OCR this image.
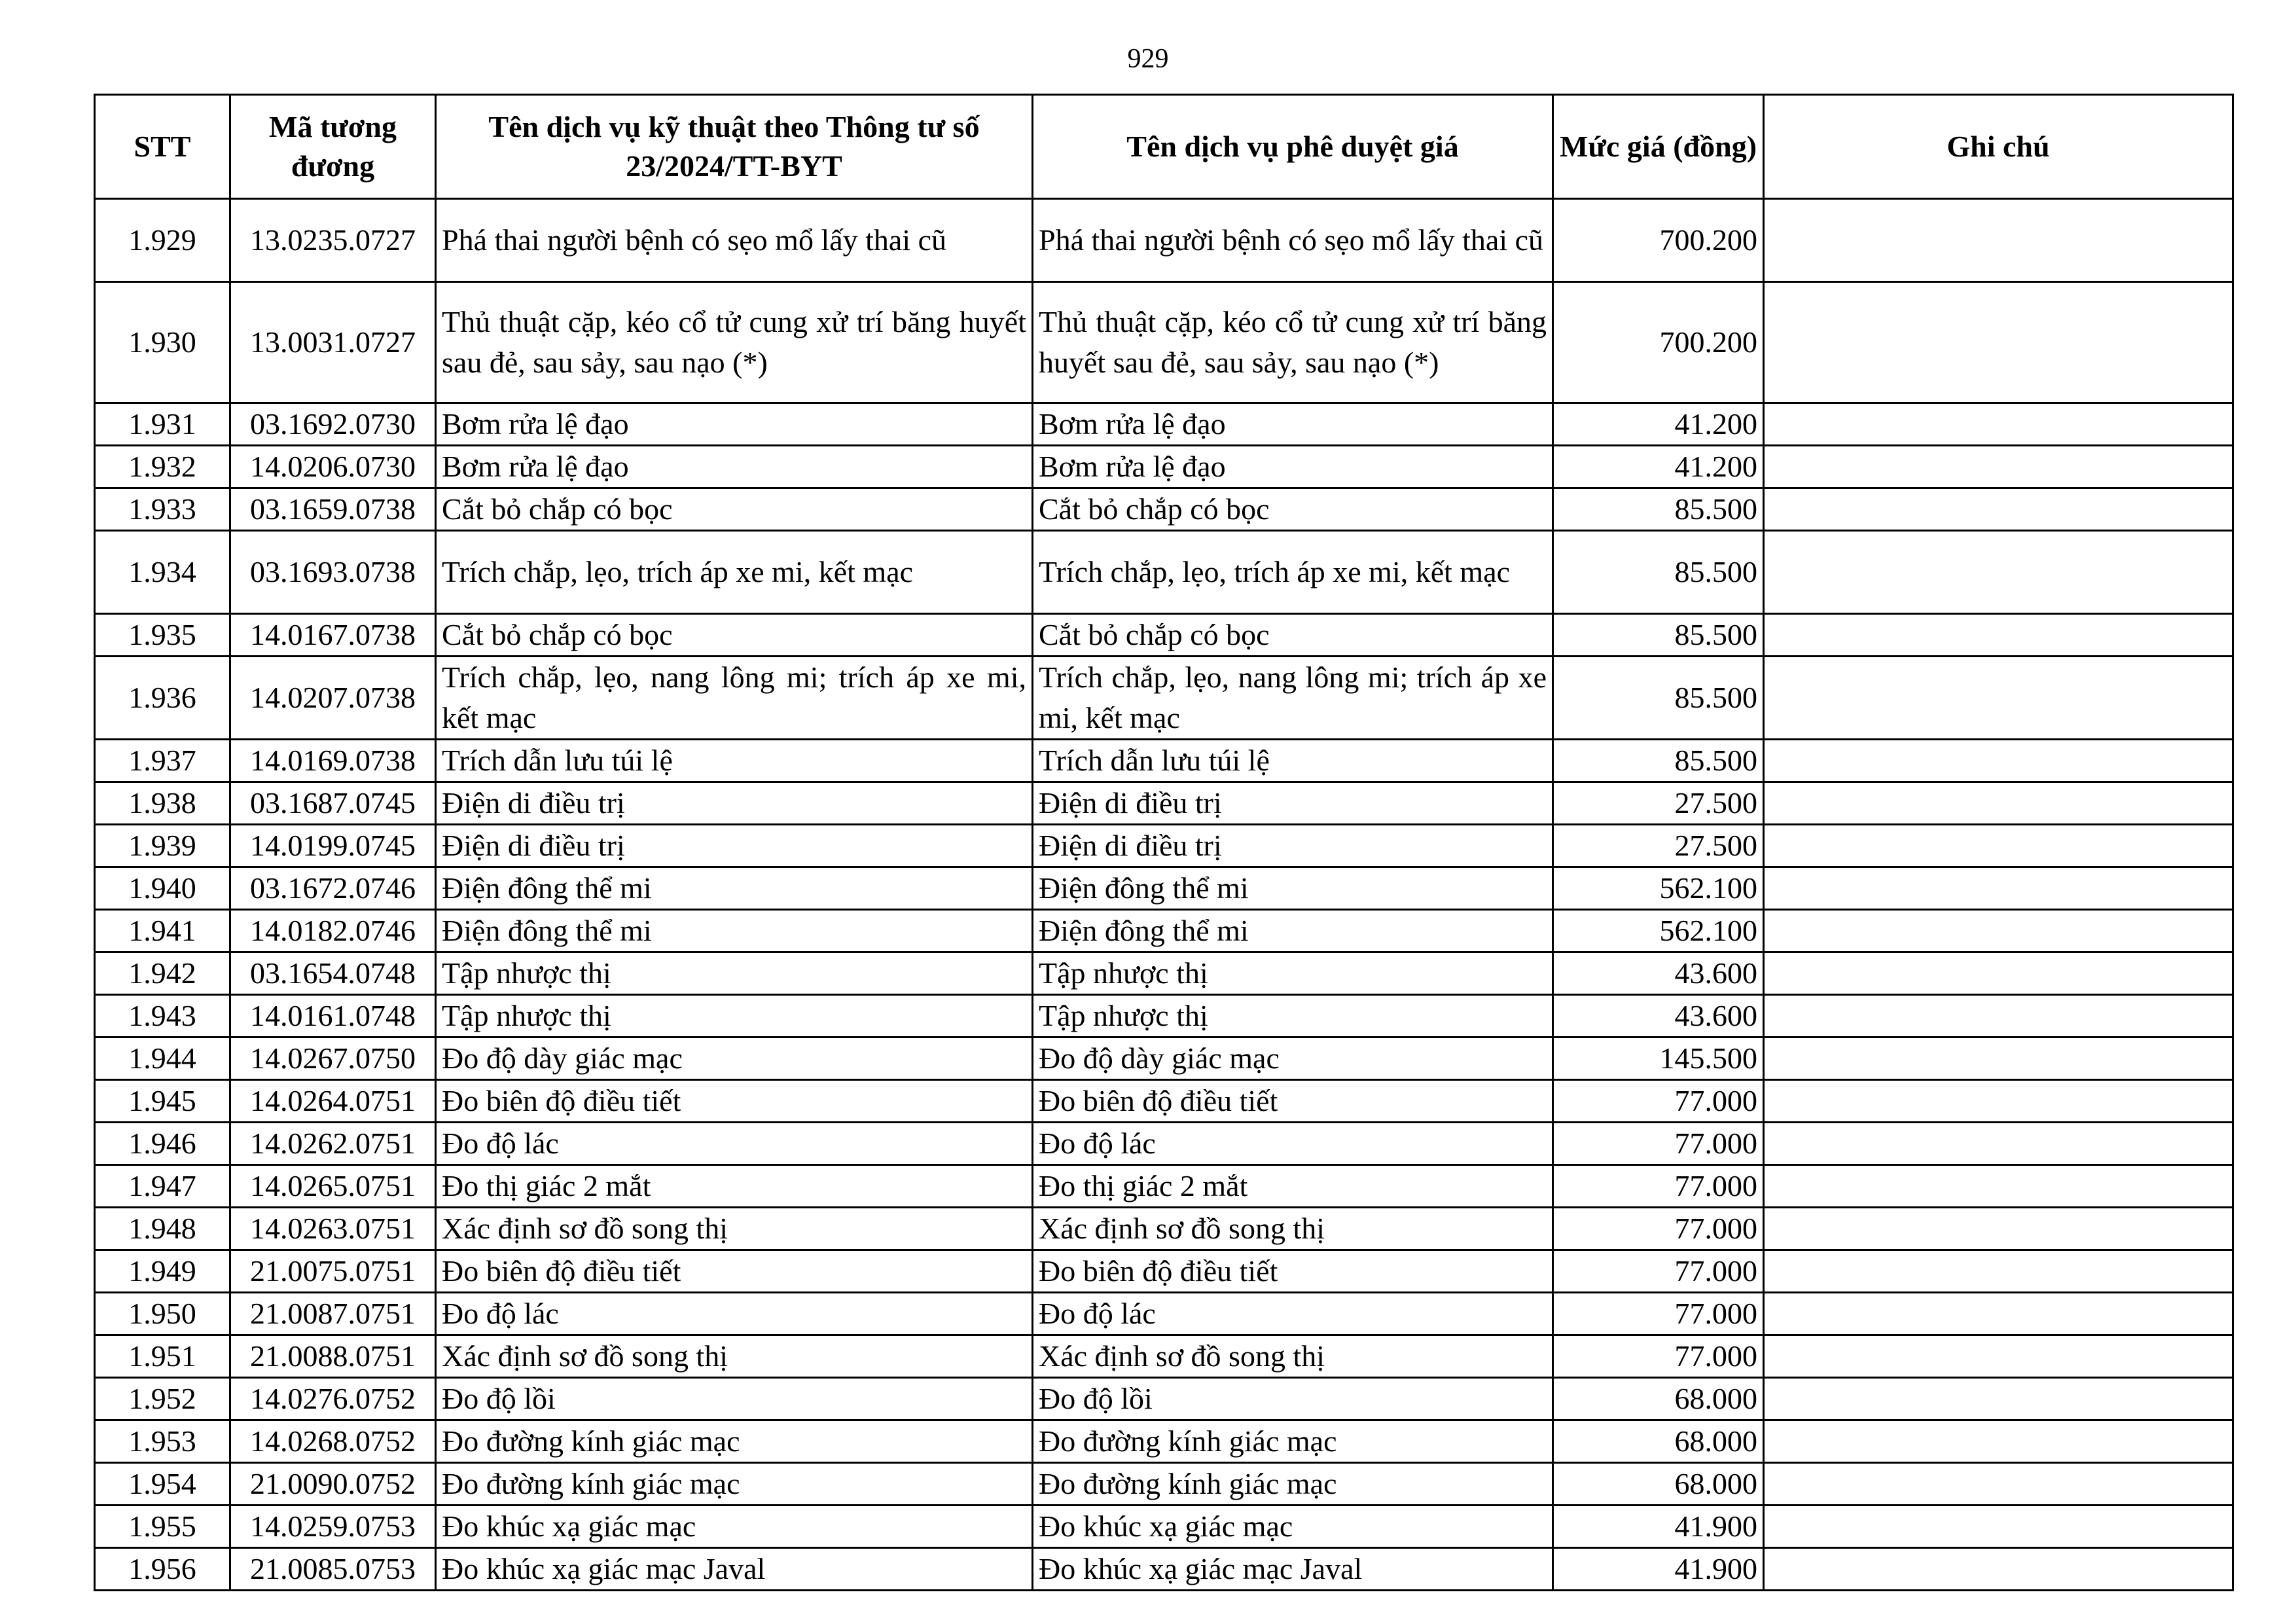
929
STT	Mã tương đương	Tên dịch vụ kỹ thuật theo Thông tư số 23/2024/TT-BYT	Tên dịch vụ phê duyệt giá	Mức giá (đồng)	Ghi chú
1.929	13.0235.0727	Phá thai người bệnh có sẹo mổ lấy thai cũ	Phá thai người bệnh có sẹo mổ lấy thai cũ	700.200	
1.930	13.0031.0727	Thủ thuật cặp, kéo cổ tử cung xử trí băng huyết sau đẻ, sau sảy, sau nạo (*)	Thủ thuật cặp, kéo cổ tử cung xử trí băng huyết sau đẻ, sau sảy, sau nạo (*)	700.200	
1.931	03.1692.0730	Bơm rửa lệ đạo	Bơm rửa lệ đạo	41.200	
1.932	14.0206.0730	Bơm rửa lệ đạo	Bơm rửa lệ đạo	41.200	
1.933	03.1659.0738	Cắt bỏ chắp có bọc	Cắt bỏ chắp có bọc	85.500	
1.934	03.1693.0738	Trích chắp, lẹo, trích áp xe mi, kết mạc	Trích chắp, lẹo, trích áp xe mi, kết mạc	85.500	
1.935	14.0167.0738	Cắt bỏ chắp có bọc	Cắt bỏ chắp có bọc	85.500	
1.936	14.0207.0738	Trích chắp, lẹo, nang lông mi; trích áp xe mi, kết mạc	Trích chắp, lẹo, nang lông mi; trích áp xe mi, kết mạc	85.500	
1.937	14.0169.0738	Trích dẫn lưu túi lệ	Trích dẫn lưu túi lệ	85.500	
1.938	03.1687.0745	Điện di điều trị	Điện di điều trị	27.500	
1.939	14.0199.0745	Điện di điều trị	Điện di điều trị	27.500	
1.940	03.1672.0746	Điện đông thể mi	Điện đông thể mi	562.100	
1.941	14.0182.0746	Điện đông thể mi	Điện đông thể mi	562.100	
1.942	03.1654.0748	Tập nhược thị	Tập nhược thị	43.600	
1.943	14.0161.0748	Tập nhược thị	Tập nhược thị	43.600	
1.944	14.0267.0750	Đo độ dày giác mạc	Đo độ dày giác mạc	145.500	
1.945	14.0264.0751	Đo biên độ điều tiết	Đo biên độ điều tiết	77.000	
1.946	14.0262.0751	Đo độ lác	Đo độ lác	77.000	
1.947	14.0265.0751	Đo thị giác 2 mắt	Đo thị giác 2 mắt	77.000	
1.948	14.0263.0751	Xác định sơ đồ song thị	Xác định sơ đồ song thị	77.000	
1.949	21.0075.0751	Đo biên độ điều tiết	Đo biên độ điều tiết	77.000	
1.950	21.0087.0751	Đo độ lác	Đo độ lác	77.000	
1.951	21.0088.0751	Xác định sơ đồ song thị	Xác định sơ đồ song thị	77.000	
1.952	14.0276.0752	Đo độ lồi	Đo độ lồi	68.000	
1.953	14.0268.0752	Đo đường kính giác mạc	Đo đường kính giác mạc	68.000	
1.954	21.0090.0752	Đo đường kính giác mạc	Đo đường kính giác mạc	68.000	
1.955	14.0259.0753	Đo khúc xạ giác mạc	Đo khúc xạ giác mạc	41.900	
1.956	21.0085.0753	Đo khúc xạ giác mạc Javal	Đo khúc xạ giác mạc Javal	41.900	
